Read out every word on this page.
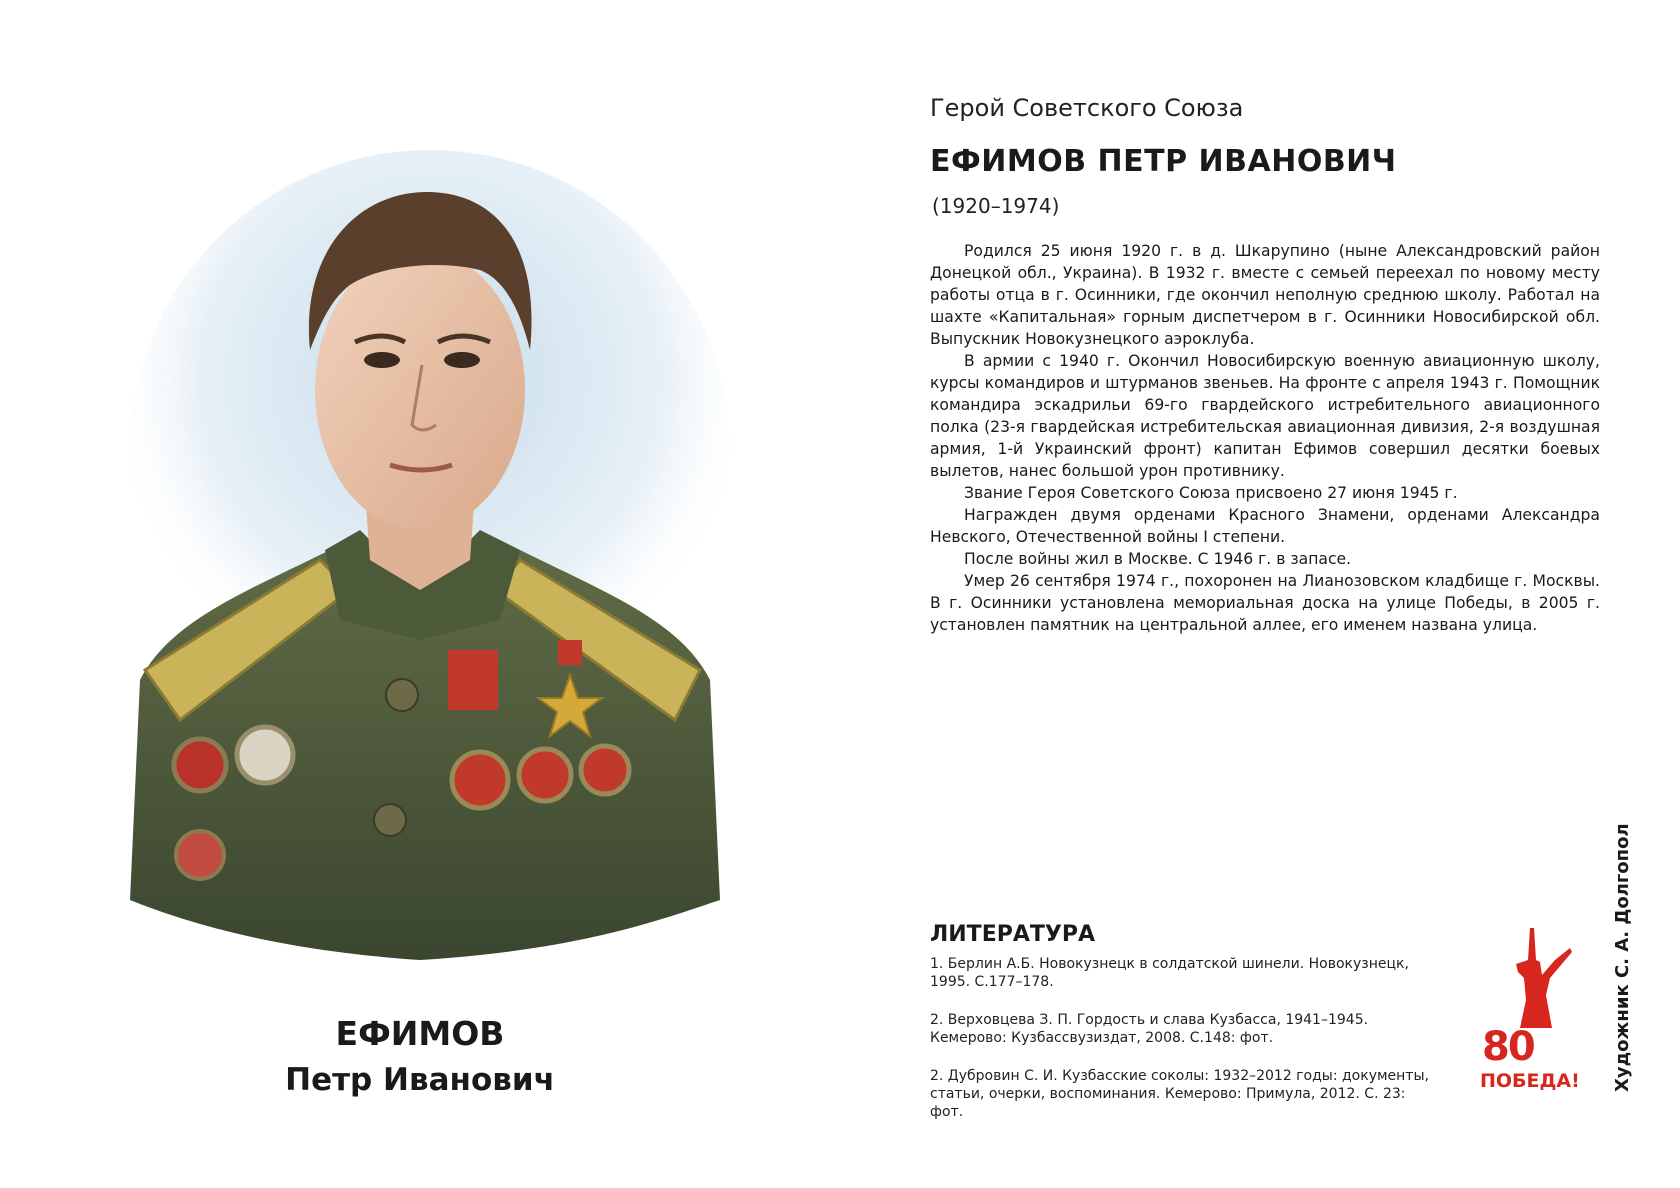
ЕФИМОВ
Петр Иванович
Герой Советского Союза
ЕФИМОВ ПЕТР ИВАНОВИЧ
(1920–1974)

Родился 25 июня 1920 г. в д. Шкарупино (ныне Александровский район Донецкой обл., Украина). В 1932 г. вместе с семьей переехал по новому месту работы отца в г. Осинники, где окончил неполную среднюю школу. Работал на шахте «Капитальная» горным диспетчером в г. Осинники Новосибирской обл. Выпускник Новокузнецкого аэроклуба.

В армии с 1940 г. Окончил Новосибирскую военную авиационную школу, курсы командиров и штурманов звеньев. На фронте с апреля 1943 г. Помощник командира эскадрильи 69-го гвардейского истребительного авиационного полка (23-я гвардейская истребительская авиационная дивизия, 2-я воздушная армия, 1-й Украинский фронт) капитан Ефимов совершил десятки боевых вылетов, нанес большой урон противнику.

Звание Героя Советского Союза присвоено 27 июня 1945 г.

Награжден двумя орденами Красного Знамени, орденами Александра Невского, Отечественной войны I степени.

После войны жил в Москве. С 1946 г. в запасе.

Умер 26 сентября 1974 г., похоронен на Лианозовском кладбище г. Москвы. В г. Осинники установлена мемориальная доска на улице Победы, в 2005 г. установлен памятник на центральной аллее, его именем названа улица.

ЛИТЕРАТУРА

1. Берлин А.Б. Новокузнецк в солдатской шинели. Новокузнецк, 1995. С.177–178.

2. Верховцева З. П. Гордость и слава Кузбасса, 1941–1945. Кемерово: Кузбассвузиздат, 2008. С.148: фот.

2. Дубровин С. И. Кузбасские соколы: 1932–2012 годы: документы, статьи, очерки, воспоминания. Кемерово: Примула, 2012. С. 23: фот.

80
ПОБЕДА! Художник С. А. Долгопол
